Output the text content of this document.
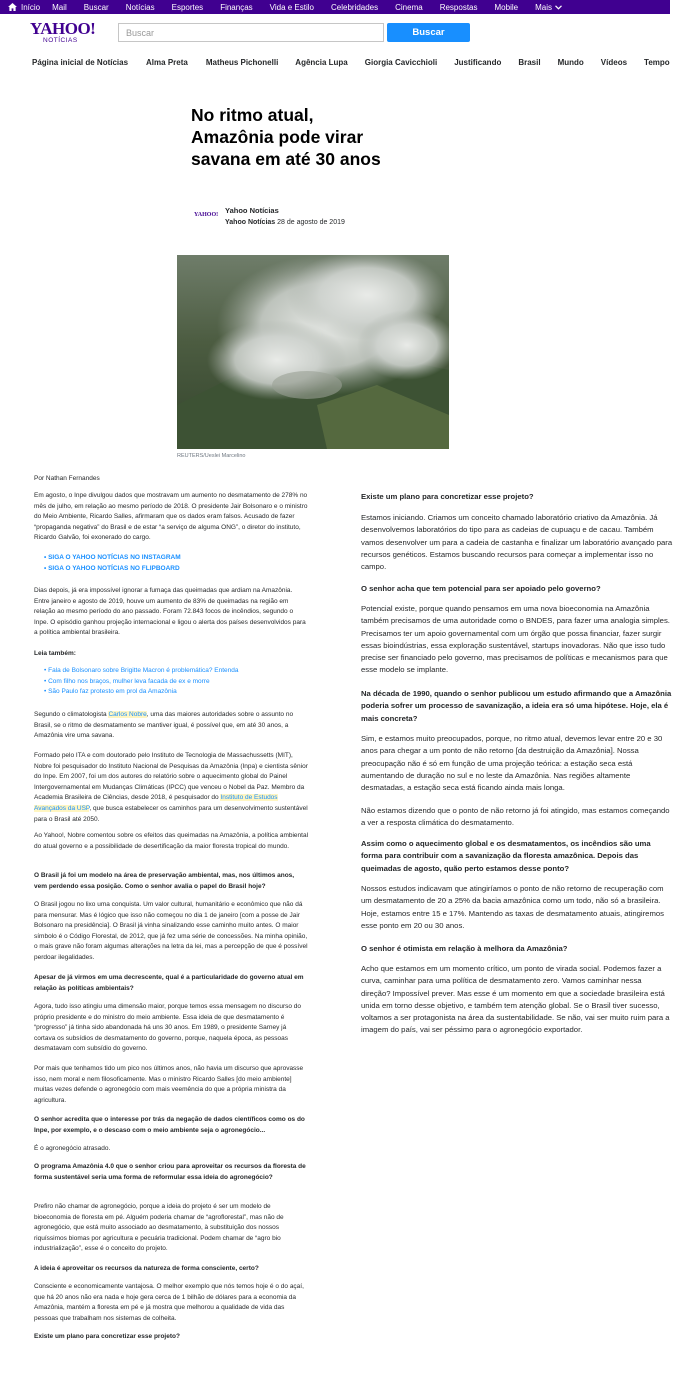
Início Mail Buscar Notícias Esportes Finanças Vida e Estilo Celebridades Cinema Respostas Mobile Mais
YAHOO!
NOTÍCIAS
Buscar
Buscar
Página inicial de Notícias Alma Preta Matheus Pichonelli Agência Lupa Giorgia Cavicchioli Justificando Brasil Mundo Vídeos Tempo
No ritmo atual, Amazônia pode virar savana em até 30 anos
YAHOO! Yahoo Notícias
Yahoo Notícias 28 de agosto de 2019
REUTERS/Ueslei Marcelino

Por Nathan Fernandes

Em agosto, o Inpe divulgou dados que mostravam um aumento no desmatamento de 278% no mês de julho, em relação ao mesmo período de 2018. O presidente Jair Bolsonaro e o ministro do Meio Ambiente, Ricardo Salles, afirmaram que os dados eram falsos. Acusado de fazer “propaganda negativa” do Brasil e de estar “a serviço de alguma ONG”, o diretor do instituto, Ricardo Galvão, foi exonerado do cargo.

• SIGA O YAHOO NOTÍCIAS NO INSTAGRAM

• SIGA O YAHOO NOTÍCIAS NO FLIPBOARD

Dias depois, já era impossível ignorar a fumaça das queimadas que ardiam na Amazônia. Entre janeiro e agosto de 2019, houve um aumento de 83% de queimadas na região em relação ao mesmo período do ano passado. Foram 72.843 focos de incêndios, segundo o Inpe. O episódio ganhou projeção internacional e ligou o alerta dos países desenvolvidos para a política ambiental brasileira.

Leia também:

• Fala de Bolsonaro sobre Brigitte Macron é problemática? Entenda

• Com filho nos braços, mulher leva facada de ex e morre

• São Paulo faz protesto em prol da Amazônia

Segundo o climatologista Carlos Nobre, uma das maiores autoridades sobre o assunto no Brasil, se o ritmo de desmatamento se mantiver igual, é possível que, em até 30 anos, a Amazônia vire uma savana.

Formado pelo ITA e com doutorado pelo Instituto de Tecnologia de Massachussetts (MIT), Nobre foi pesquisador do Instituto Nacional de Pesquisas da Amazônia (Inpa) e cientista sênior do Inpe. Em 2007, foi um dos autores do relatório sobre o aquecimento global do Painel Intergovernamental em Mudanças Climáticas (IPCC) que venceu o Nobel da Paz. Membro da Academia Brasileira de Ciências, desde 2018, é pesquisador do Instituto de Estudos Avançados da USP, que busca estabelecer os caminhos para um desenvolvimento sustentável para o Brasil até 2050.

Ao Yahoo!, Nobre comentou sobre os efeitos das queimadas na Amazônia, a política ambiental do atual governo e a possibilidade de desertificação da maior floresta tropical do mundo.

O Brasil já foi um modelo na área de preservação ambiental, mas, nos últimos anos, vem perdendo essa posição. Como o senhor avalia o papel do Brasil hoje?

O Brasil jogou no lixo uma conquista. Um valor cultural, humanitário e econômico que não dá para mensurar. Mas é lógico que isso não começou no dia 1 de janeiro [com a posse de Jair Bolsonaro na presidência]. O Brasil já vinha sinalizando esse caminho muito antes. O maior símbolo é o Código Florestal, de 2012, que já fez uma série de concessões. Na minha opinião, o mais grave não foram algumas alterações na letra da lei, mas a percepção de que é possível perdoar ilegalidades.

Apesar de já virmos em uma decrescente, qual é a particularidade do governo atual em relação às políticas ambientais?

Agora, tudo isso atingiu uma dimensão maior, porque temos essa mensagem no discurso do próprio presidente e do ministro do meio ambiente. Essa ideia de que desmatamento é “progresso” já tinha sido abandonada há uns 30 anos. Em 1989, o presidente Sarney já cortava os subsídios de desmatamento do governo, porque, naquela época, as pessoas desmatavam com subsídio do governo.

Por mais que tenhamos tido um pico nos últimos anos, não havia um discurso que aprovasse isso, nem moral e nem filosoficamente. Mas o ministro Ricardo Salles [do meio ambiente] muitas vezes defende o agronegócio com mais veemência do que a própria ministra da agricultura.

O senhor acredita que o interesse por trás da negação de dados científicos como os do Inpe, por exemplo, e o descaso com o meio ambiente seja o agronegócio...

É o agronegócio atrasado.

O programa Amazônia 4.0 que o senhor criou para aproveitar os recursos da floresta de forma sustentável seria uma forma de reformular essa ideia do agronegócio?

Prefiro não chamar de agronegócio, porque a ideia do projeto é ser um modelo de bioeconomia de floresta em pé. Alguém poderia chamar de “agroflorestal”, mas não de agronegócio, que está muito associado ao desmatamento, à substituição dos nossos riquíssimos biomas por agricultura e pecuária tradicional. Podem chamar de “agro bio industrialização”, esse é o conceito do projeto.

A ideia é aproveitar os recursos da natureza de forma consciente, certo?

Consciente e economicamente vantajosa. O melhor exemplo que nós temos hoje é o do açaí, que há 20 anos não era nada e hoje gera cerca de 1 bilhão de dólares para a economia da Amazônia, mantém a floresta em pé e já mostra que melhorou a qualidade de vida das pessoas que trabalham nos sistemas de colheita.

Existe um plano para concretizar esse projeto?

Existe um plano para concretizar esse projeto?

Estamos iniciando. Criamos um conceito chamado laboratório criativo da Amazônia. Já desenvolvemos laboratórios do tipo para as cadeias de cupuaçu e de cacau. Também vamos desenvolver um para a cadeia de castanha e finalizar um laboratório avançado para recursos genéticos. Estamos buscando recursos para começar a implementar isso no campo.

O senhor acha que tem potencial para ser apoiado pelo governo?

Potencial existe, porque quando pensamos em uma nova bioeconomia na Amazônia também precisamos de uma autoridade como o BNDES, para fazer uma analogia simples. Precisamos ter um apoio governamental com um órgão que possa financiar, fazer surgir essas bioindústrias, essa exploração sustentável, startups inovadoras. Não que isso tudo precise ser financiado pelo governo, mas precisamos de políticas e mecanismos para que esse modelo se implante.

Na década de 1990, quando o senhor publicou um estudo afirmando que a Amazônia poderia sofrer um processo de savanização, a ideia era só uma hipótese. Hoje, ela é mais concreta?

Sim, e estamos muito preocupados, porque, no ritmo atual, devemos levar entre 20 e 30 anos para chegar a um ponto de não retorno [da destruição da Amazônia]. Nossa preocupação não é só em função de uma projeção teórica: a estação seca está aumentando de duração no sul e no leste da Amazônia. Nas regiões altamente desmatadas, a estação seca está ficando ainda mais longa.

Não estamos dizendo que o ponto de não retorno já foi atingido, mas estamos começando a ver a resposta climática do desmatamento.

Assim como o aquecimento global e os desmatamentos, os incêndios são uma forma para contribuir com a savanização da floresta amazônica. Depois das queimadas de agosto, quão perto estamos desse ponto?

Nossos estudos indicavam que atingiríamos o ponto de não retorno de recuperação com um desmatamento de 20 a 25% da bacia amazônica como um todo, não só a brasileira. Hoje, estamos entre 15 e 17%. Mantendo as taxas de desmatamento atuais, atingiremos esse ponto em 20 ou 30 anos.

O senhor é otimista em relação à melhora da Amazônia?

Acho que estamos em um momento crítico, um ponto de virada social. Podemos fazer a curva, caminhar para uma política de desmatamento zero. Vamos caminhar nessa direção? Impossível prever. Mas esse é um momento em que a sociedade brasileira está unida em torno desse objetivo, e também tem atenção global. Se o Brasil tiver sucesso, voltamos a ser protagonista na área da sustentabilidade. Se não, vai ser muito ruim para a imagem do país, vai ser péssimo para o agronegócio exportador.
